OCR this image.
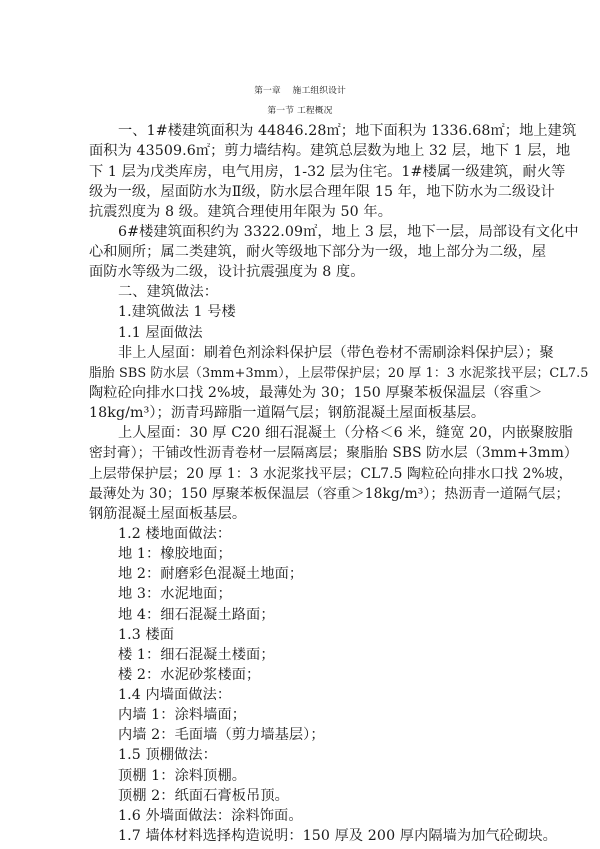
第一章　 施工组织设计
第一节 工程概况
一、1#楼建筑面积为 44846.28㎡；地下面积为 1336.68㎡；地上建筑
面积为 43509.6㎡；剪力墙结构。建筑总层数为地上 32 层，地下 1 层，地
下 1 层为戊类库房，电气用房，1-32 层为住宅。1#楼属一级建筑，耐火等
级为一级，屋面防水为Ⅱ级，防水层合理年限 15 年，地下防水为二级设计
抗震烈度为 8 级。建筑合理使用年限为 50 年。
6#楼建筑面积约为 3322.09㎡，地上 3 层，地下一层，局部设有文化中
心和厕所；属二类建筑，耐火等级地下部分为一级，地上部分为二级，屋
面防水等级为二级，设计抗震强度为 8 度。
二、建筑做法：
1.建筑做法 1 号楼
1.1 屋面做法
非上人屋面：刷着色剂涂料保护层（带色卷材不需刷涂料保护层）；聚
脂胎 SBS 防水层（3mm+3mm），上层带保护层；20 厚 1：3 水泥浆找平层；CL7.5
陶粒砼向排水口找 2%坡，最薄处为 30；150 厚聚苯板保温层（容重＞
18kg/m³）；沥青玛蹄脂一道隔气层；钢筋混凝土屋面板基层。
上人屋面：30 厚 C20 细石混凝土（分格＜6 米，缝宽 20，内嵌聚胺脂
密封膏）；干铺改性沥青卷材一层隔离层；聚脂胎 SBS 防水层（3mm+3mm）
上层带保护层；20 厚 1：3 水泥浆找平层；CL7.5 陶粒砼向排水口找 2%坡，
最薄处为 30；150 厚聚苯板保温层（容重＞18kg/m³）；热沥青一道隔气层；
钢筋混凝土屋面板基层。
1.2 楼地面做法：
地 1：橡胶地面；
地 2：耐磨彩色混凝土地面；
地 3：水泥地面；
地 4：细石混凝土路面；
1.3 楼面
楼 1：细石混凝土楼面；
楼 2：水泥砂浆楼面；
1.4 内墙面做法：
内墙 1：涂料墙面；
内墙 2：毛面墙（剪力墙基层）；
1.5 顶棚做法：
顶棚 1：涂料顶棚。
顶棚 2：纸面石膏板吊顶。
1.6 外墙面做法：涂料饰面。
1.7 墙体材料选择构造说明：150 厚及 200 厚内隔墙为加气砼砌块。
